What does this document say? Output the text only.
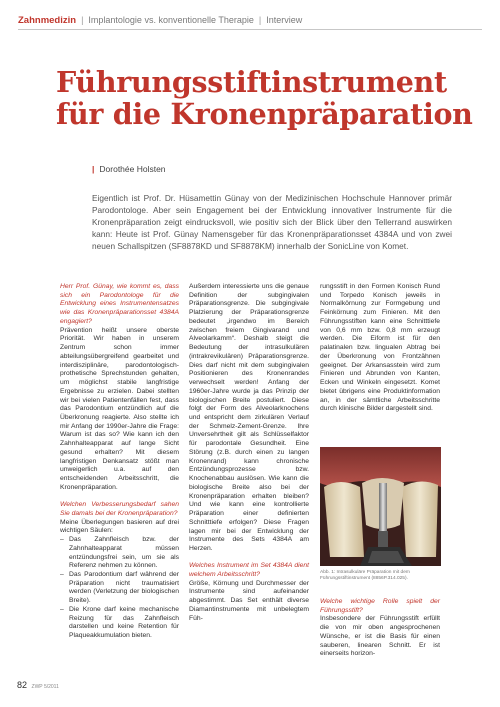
Zahnmedizin | Implantologie vs. konventionelle Therapie | Interview
Führungsstiftinstrument für die Kronenpräparation
| Dorothée Holsten

Eigentlich ist Prof. Dr. Hüsamettin Günay von der Medizinischen Hochschule Hannover primär Parodontologe. Aber sein Engagement bei der Entwicklung innovativer Instrumente für die Kronenpräparation zeigt eindrucksvoll, wie positiv sich der Blick über den Tellerrand auswirken kann: Heute ist Prof. Günay Namensgeber für das Kronenpräparationsset 4384A und von zwei neuen Schallspitzen (SF8878KD und SF8878KM) innerhalb der SonicLine von Komet.

Herr Prof. Günay, wie kommt es, dass sich ein Parodontologe für die Entwicklung eines Instrumentensatzes wie das Kronenpräparationsset 4384A engagiert?

Prävention heißt unsere oberste Priorität. Wir haben in unserem Zentrum schon immer abteilungsübergreifend gearbeitet und interdisziplinäre, parodontologisch-prothetische Sprechstunden gehalten, um möglichst stabile langfristige Ergebnisse zu erzielen. Dabei stellten wir bei vielen Patientenfällen fest, dass das Parodontium entzündlich auf die Überkronung reagierte. Also stellte ich mir Anfang der 1990er-Jahre die Frage: Warum ist das so? Wie kann ich den Zahnhalteapparat auf lange Sicht gesund erhalten? Mit diesem langfristigen Denkansatz stößt man unweigerlich u.a. auf den entscheidenden Arbeitsschritt, die Kronenpräparation.

Welchen Verbesserungsbedarf sahen Sie damals bei der Kronenpräparation?

Meine Überlegungen basieren auf drei wichtigen Säulen:

– Das Zahnfleisch bzw. der Zahnhalteapparat müssen entzündungsfrei sein, um sie als Referenz nehmen zu können.
– Das Parodontium darf während der Präparation nicht traumatisiert werden (Verletzung der biologischen Breite).
– Die Krone darf keine mechanische Reizung für das Zahnfleisch darstellen und keine Retention für Plaqueakkumulation bieten.

Außerdem interessierte uns die genaue Definition der subgingivalen Präparationsgrenze. Die subgingivale Platzierung der Präparationsgrenze bedeutet „irgendwo im Bereich zwischen freiem Gingivarand und Alveolarkamm“. Deshalb steigt die Bedeutung der intrasulkulären (intrakrevikulären) Präparationsgrenze. Dies darf nicht mit dem subgingivalen Positionieren des Kronenrandes verwechselt werden! Anfang der 1960er-Jahre wurde ja das Prinzip der biologischen Breite postuliert. Diese folgt der Form des Alveolarknochens und entspricht dem zirkulären Verlauf der Schmelz-Zement-Grenze. Ihre Unversehrtheit gilt als Schlüsselfaktor für parodontale Gesundheit. Eine Störung (z.B. durch einen zu langen Kronenrand) kann chronische Entzündungsprozesse bzw. Knochenabbau auslösen. Wie kann die biologische Breite also bei der Kronenpräparation erhalten bleiben? Und wie kann eine kontrollierte Präparation einer definierten Schnitttiefe erfolgen? Diese Fragen lagen mir bei der Entwicklung der Instrumente des Sets 4384A am Herzen.

Welches Instrument im Set 4384A dient welchem Arbeitsschritt?

Größe, Körnung und Durchmesser der Instrumente sind aufeinander abgestimmt. Das Set enthält diverse Diamantinstrumente mit unbelegtem Füh-

rungsstift in den Formen Konisch Rund und Torpedo Konisch jeweils in Normalkörnung zur Formgebung und Feinkörnung zum Finieren. Mit den Führungsstiften kann eine Schnitttiefe von 0,6 mm bzw. 0,8 mm erzeugt werden. Die Eiform ist für den palatinalen bzw. lingualen Abtrag bei der Überkronung von Frontzähnen geeignet. Der Arkansasstein wird zum Finieren und Abrunden von Kanten, Ecken und Winkeln eingesetzt. Komet bietet übrigens eine Produktinformation an, in der sämtliche Arbeitsschritte durch klinische Bilder dargestellt sind.

Abb. 1: Intrasulkuläre Präparation mit dem Führungsstiftinstrument (8856P.314.025).

Welche wichtige Rolle spielt der Führungsstift?

Insbesondere der Führungsstift erfüllt die von mir oben angesprochenen Wünsche, er ist die Basis für einen sauberen, linearen Schnitt. Er ist einerseits horizon-

82 ZWP 5/2011
